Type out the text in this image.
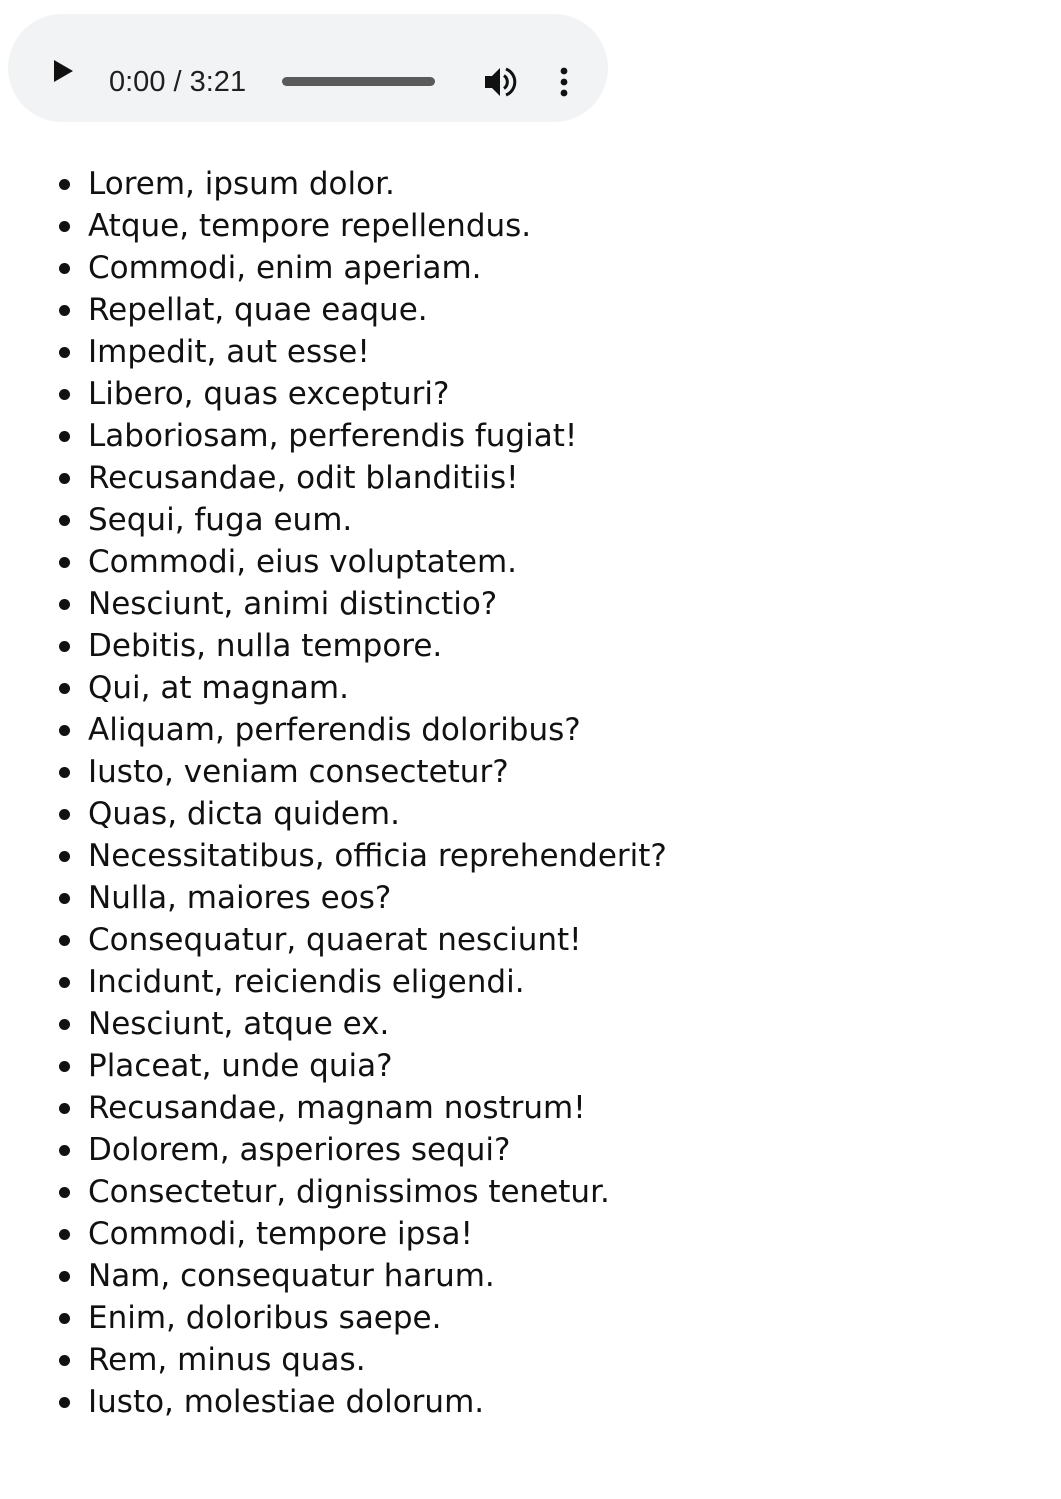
0:00 / 3:21
Lorem, ipsum dolor.
Atque, tempore repellendus.
Commodi, enim aperiam.
Repellat, quae eaque.
Impedit, aut esse!
Libero, quas excepturi?
Laboriosam, perferendis fugiat!
Recusandae, odit blanditiis!
Sequi, fuga eum.
Commodi, eius voluptatem.
Nesciunt, animi distinctio?
Debitis, nulla tempore.
Qui, at magnam.
Aliquam, perferendis doloribus?
Iusto, veniam consectetur?
Quas, dicta quidem.
Necessitatibus, officia reprehenderit?
Nulla, maiores eos?
Consequatur, quaerat nesciunt!
Incidunt, reiciendis eligendi.
Nesciunt, atque ex.
Placeat, unde quia?
Recusandae, magnam nostrum!
Dolorem, asperiores sequi?
Consectetur, dignissimos tenetur.
Commodi, tempore ipsa!
Nam, consequatur harum.
Enim, doloribus saepe.
Rem, minus quas.
Iusto, molestiae dolorum.
